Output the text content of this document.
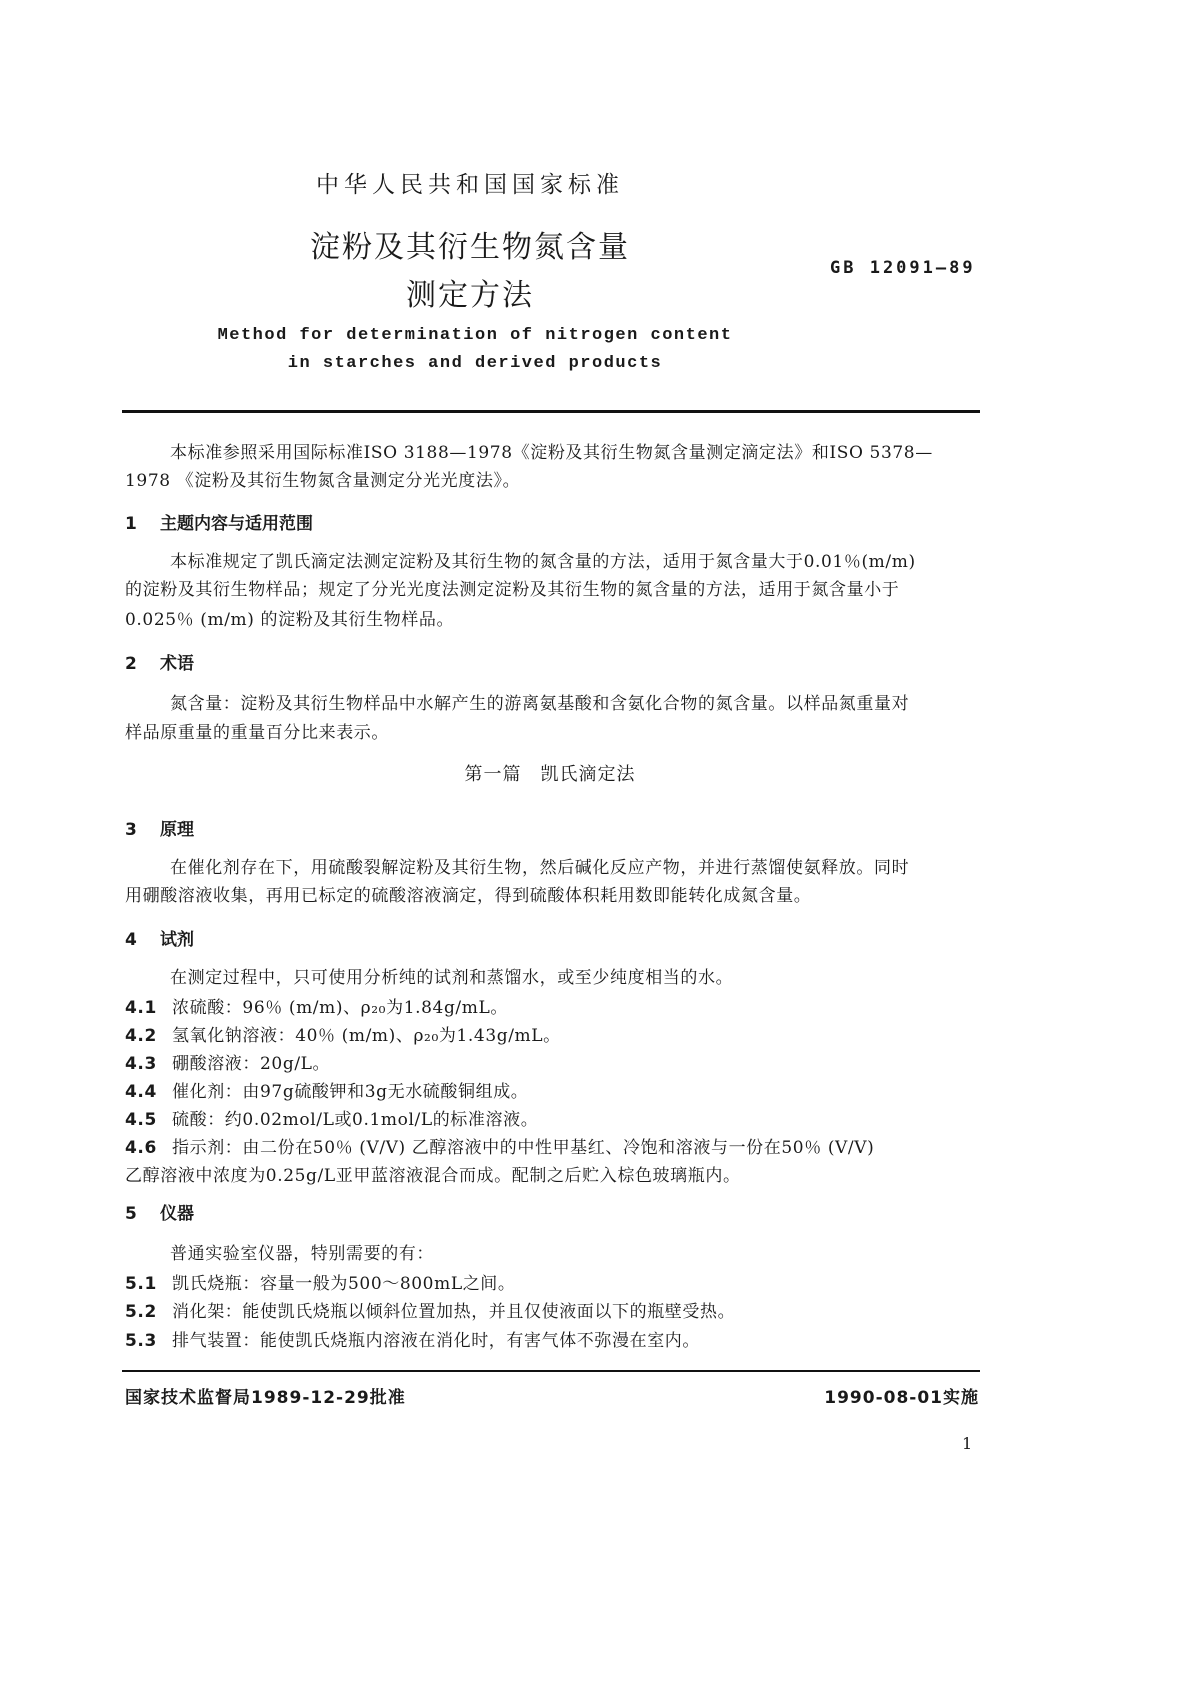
中华人民共和国国家标准
淀粉及其衍生物氮含量
测定方法
GB 12091—89
Method for determination of nitrogen content
in starches and derived products
本标准参照采用国际标准ISO 3188—1978《淀粉及其衍生物氮含量测定滴定法》和ISO 5378—
1978 《淀粉及其衍生物氮含量测定分光光度法》。
1 主题内容与适用范围
本标准规定了凯氏滴定法测定淀粉及其衍生物的氮含量的方法，适用于氮含量大于0.01％(m/m)
的淀粉及其衍生物样品；规定了分光光度法测定淀粉及其衍生物的氮含量的方法，适用于氮含量小于
0.025％ (m/m) 的淀粉及其衍生物样品。
2 术语
氮含量：淀粉及其衍生物样品中水解产生的游离氨基酸和含氨化合物的氮含量。以样品氮重量对
样品原重量的重量百分比来表示。
第一篇　凯氏滴定法
3 原理
在催化剂存在下，用硫酸裂解淀粉及其衍生物，然后碱化反应产物，并进行蒸馏使氨释放。同时
用硼酸溶液收集，再用已标定的硫酸溶液滴定，得到硫酸体积耗用数即能转化成氮含量。
4 试剂
在测定过程中，只可使用分析纯的试剂和蒸馏水，或至少纯度相当的水。
4.1 浓硫酸：96％ (m/m)、ρ₂₀为1.84g/mL。
4.2 氢氧化钠溶液：40％ (m/m)、ρ₂₀为1.43g/mL。
4.3 硼酸溶液：20g/L。
4.4 催化剂：由97g硫酸钾和3g无水硫酸铜组成。
4.5 硫酸：约0.02mol/L或0.1mol/L的标准溶液。
4.6 指示剂：由二份在50％ (V/V) 乙醇溶液中的中性甲基红、冷饱和溶液与一份在50％ (V/V)
乙醇溶液中浓度为0.25g/L亚甲蓝溶液混合而成。配制之后贮入棕色玻璃瓶内。
5 仪器
普通实验室仪器，特别需要的有：
5.1 凯氏烧瓶：容量一般为500～800mL之间。
5.2 消化架：能使凯氏烧瓶以倾斜位置加热，并且仅使液面以下的瓶壁受热。
5.3 排气装置：能使凯氏烧瓶内溶液在消化时，有害气体不弥漫在室内。
国家技术监督局1989-12-29批准	1990-08-01实施
1
